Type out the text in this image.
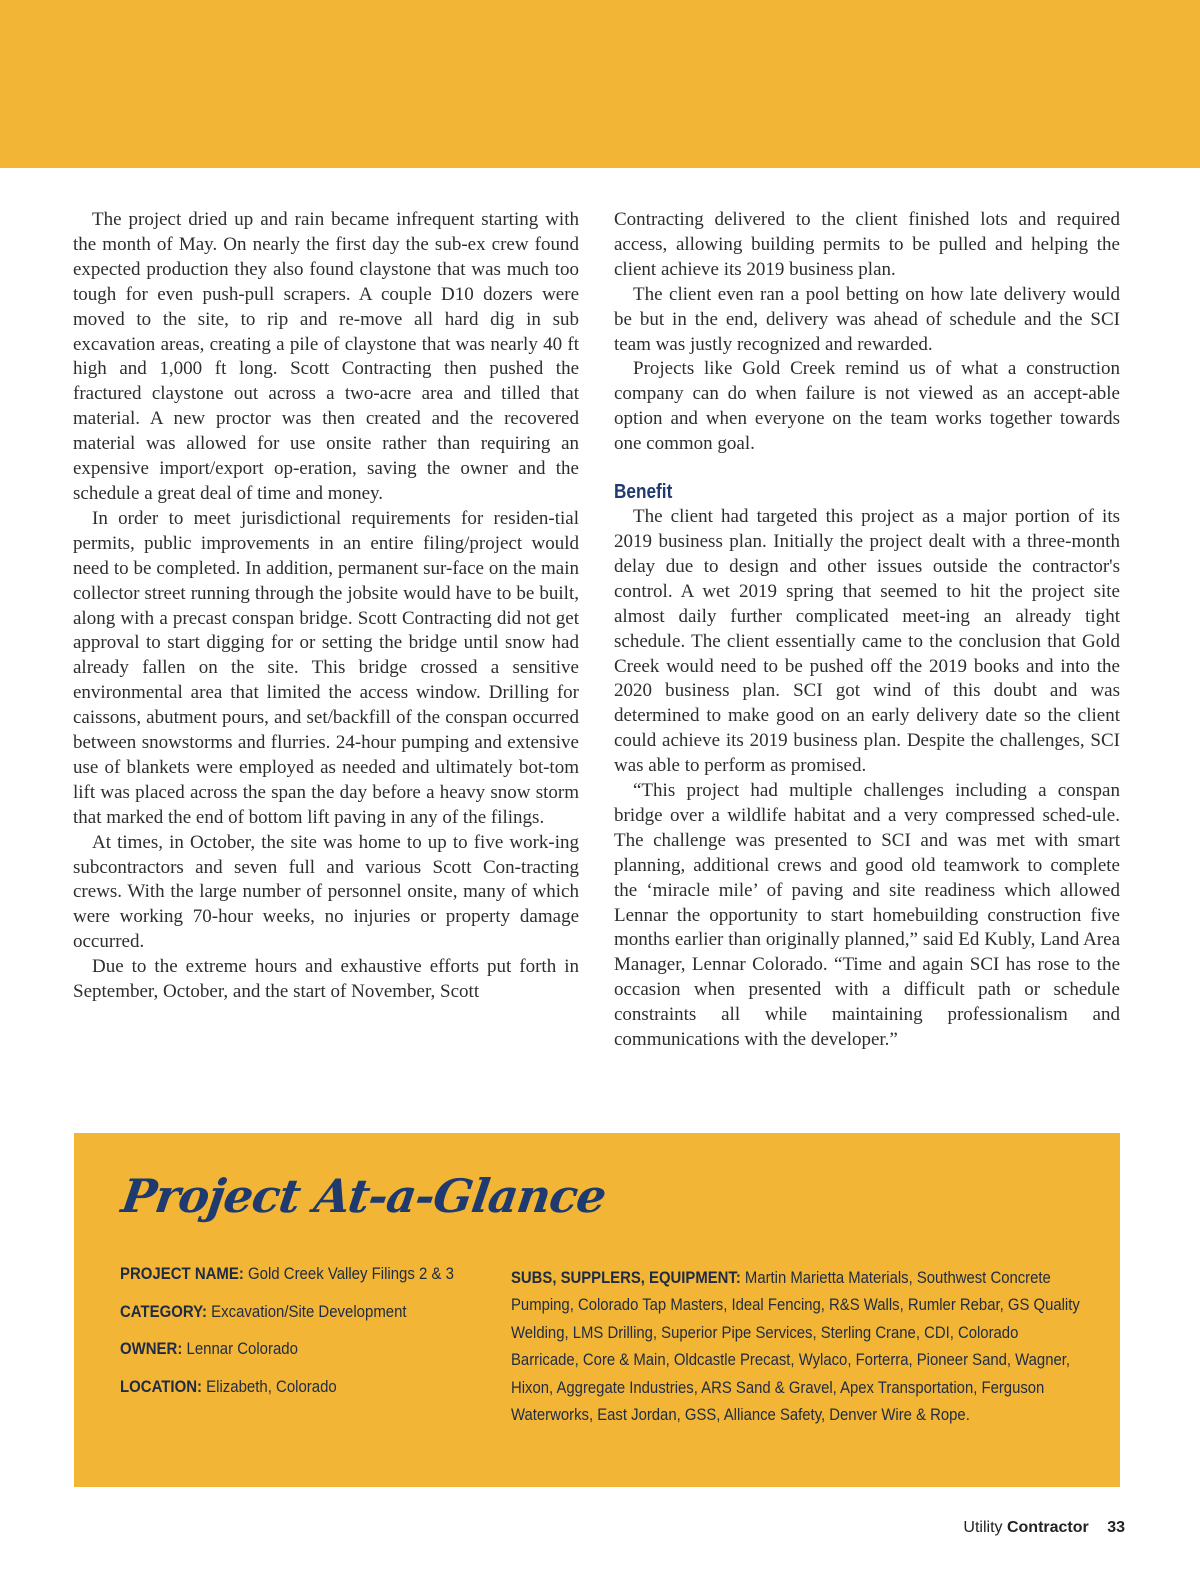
The project dried up and rain became infrequent starting with the month of May. On nearly the first day the sub-ex crew found expected production they also found claystone that was much too tough for even push-pull scrapers. A couple D10 dozers were moved to the site, to rip and re-move all hard dig in sub excavation areas, creating a pile of claystone that was nearly 40 ft high and 1,000 ft long. Scott Contracting then pushed the fractured claystone out across a two-acre area and tilled that material. A new proctor was then created and the recovered material was allowed for use onsite rather than requiring an expensive import/export op-eration, saving the owner and the schedule a great deal of time and money.

In order to meet jurisdictional requirements for residen-tial permits, public improvements in an entire filing/project would need to be completed. In addition, permanent sur-face on the main collector street running through the jobsite would have to be built, along with a precast conspan bridge. Scott Contracting did not get approval to start digging for or setting the bridge until snow had already fallen on the site. This bridge crossed a sensitive environmental area that limited the access window. Drilling for caissons, abutment pours, and set/backfill of the conspan occurred between snowstorms and flurries. 24-hour pumping and extensive use of blankets were employed as needed and ultimately bot-tom lift was placed across the span the day before a heavy snow storm that marked the end of bottom lift paving in any of the filings.

At times, in October, the site was home to up to five work-ing subcontractors and seven full and various Scott Con-tracting crews. With the large number of personnel onsite, many of which were working 70-hour weeks, no injuries or property damage occurred.

Due to the extreme hours and exhaustive efforts put forth in September, October, and the start of November, Scott

Contracting delivered to the client finished lots and required access, allowing building permits to be pulled and helping the client achieve its 2019 business plan.

The client even ran a pool betting on how late delivery would be but in the end, delivery was ahead of schedule and the SCI team was justly recognized and rewarded.

Projects like Gold Creek remind us of what a construction company can do when failure is not viewed as an accept-able option and when everyone on the team works together towards one common goal.

Benefit

The client had targeted this project as a major portion of its 2019 business plan. Initially the project dealt with a three-month delay due to design and other issues outside the contractor's control. A wet 2019 spring that seemed to hit the project site almost daily further complicated meet-ing an already tight schedule. The client essentially came to the conclusion that Gold Creek would need to be pushed off the 2019 books and into the 2020 business plan. SCI got wind of this doubt and was determined to make good on an early delivery date so the client could achieve its 2019 business plan. Despite the challenges, SCI was able to perform as promised.

“This project had multiple challenges including a conspan bridge over a wildlife habitat and a very compressed sched-ule. The challenge was presented to SCI and was met with smart planning, additional crews and good old teamwork to complete the ‘miracle mile’ of paving and site readiness which allowed Lennar the opportunity to start homebuilding construction five months earlier than originally planned,” said Ed Kubly, Land Area Manager, Lennar Colorado. “Time and again SCI has rose to the occasion when presented with a difficult path or schedule constraints all while maintaining professionalism and communications with the developer.”

Project At-a-Glance
PROJECT NAME: Gold Creek Valley Filings 2 & 3
CATEGORY: Excavation/Site Development
OWNER: Lennar Colorado
LOCATION: Elizabeth, Colorado
SUBS, SUPPLERS, EQUIPMENT: Martin Marietta Materials, Southwest Concrete Pumping, Colorado Tap Masters, Ideal Fencing, R&S Walls, Rumler Rebar, GS Quality Welding, LMS Drilling, Superior Pipe Services, Sterling Crane, CDI, Colorado Barricade, Core & Main, Oldcastle Precast, Wylaco, Forterra, Pioneer Sand, Wagner, Hixon, Aggregate Industries, ARS Sand & Gravel, Apex Transportation, Ferguson Waterworks, East Jordan, GSS, Alliance Safety, Denver Wire & Rope.
Utility Contractor 33
